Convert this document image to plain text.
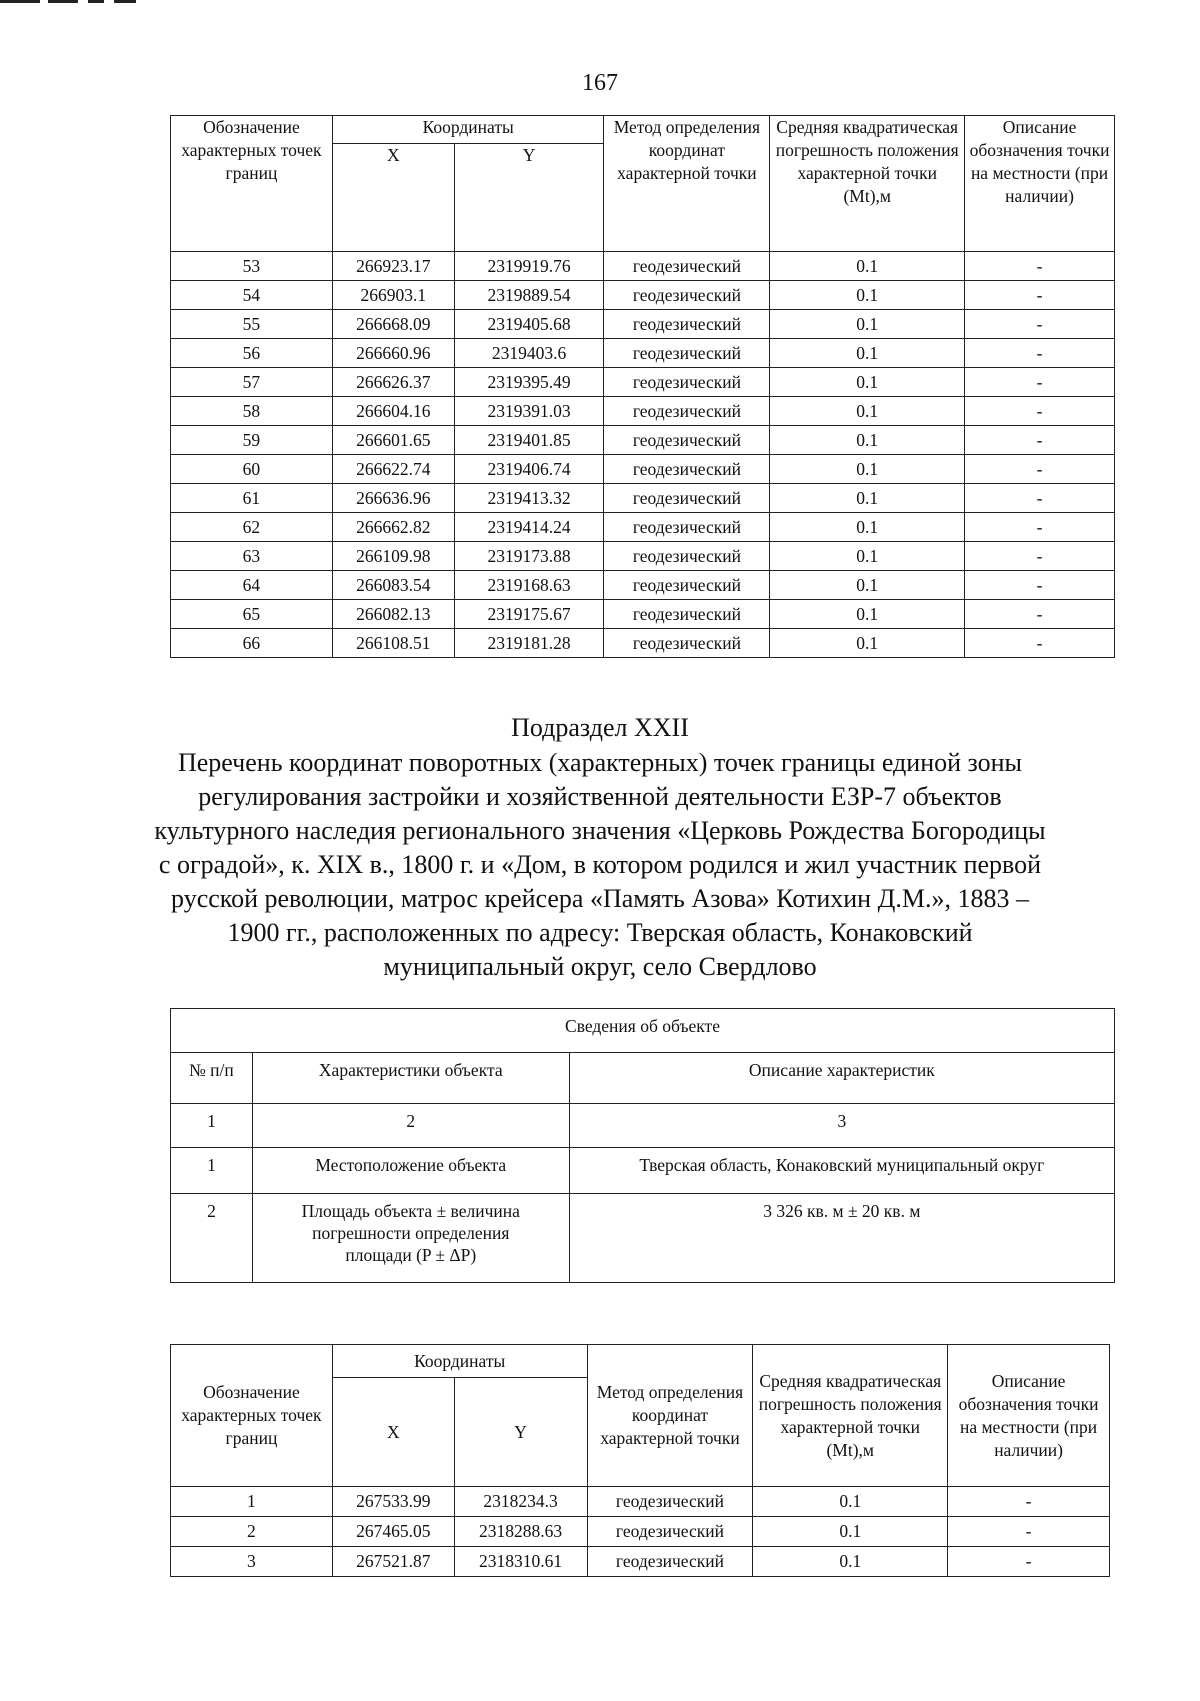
167
Обозначение характерных точек границ	Координаты		Метод определения координат характерной точки	Средняя квадратическая погрешность положения характерной точки (Mt),м	Описание обозначения точки на местности (при наличии)
	X	Y			
53	266923.17	2319919.76	геодезический	0.1	-
54	266903.1	2319889.54	геодезический	0.1	-
55	266668.09	2319405.68	геодезический	0.1	-
56	266660.96	2319403.6	геодезический	0.1	-
57	266626.37	2319395.49	геодезический	0.1	-
58	266604.16	2319391.03	геодезический	0.1	-
59	266601.65	2319401.85	геодезический	0.1	-
60	266622.74	2319406.74	геодезический	0.1	-
61	266636.96	2319413.32	геодезический	0.1	-
62	266662.82	2319414.24	геодезический	0.1	-
63	266109.98	2319173.88	геодезический	0.1	-
64	266083.54	2319168.63	геодезический	0.1	-
65	266082.13	2319175.67	геодезический	0.1	-
66	266108.51	2319181.28	геодезический	0.1	-
Подраздел XXII
Перечень координат поворотных (характерных) точек границы единой зоны регулирования застройки и хозяйственной деятельности ЕЗР-7 объектов культурного наследия регионального значения «Церковь Рождества Богородицы с оградой», к. XIX в., 1800 г. и «Дом, в котором родился и жил участник первой русской революции, матрос крейсера «Память Азова» Котихин Д.М.», 1883 – 1900 гг., расположенных по адресу: Тверская область, Конаковский муниципальный округ, село Свердлово
Сведения об объекте		
№ п/п	Характеристики объекта	Описание характеристик
1	2	3
1	Местоположение объекта	Тверская область, Конаковский муниципальный округ
2	Площадь объекта ± величина погрешности определения площади (P ± ΔP)	3 326 кв. м ± 20 кв. м
Обозначение характерных точек границ	Координаты		Метод определения координат характерной точки	Средняя квадратическая погрешность положения характерной точки (Mt),м	Описание обозначения точки на местности (при наличии)
	X	Y			
1	267533.99	2318234.3	геодезический	0.1	-
2	267465.05	2318288.63	геодезический	0.1	-
3	267521.87	2318310.61	геодезический	0.1	-
